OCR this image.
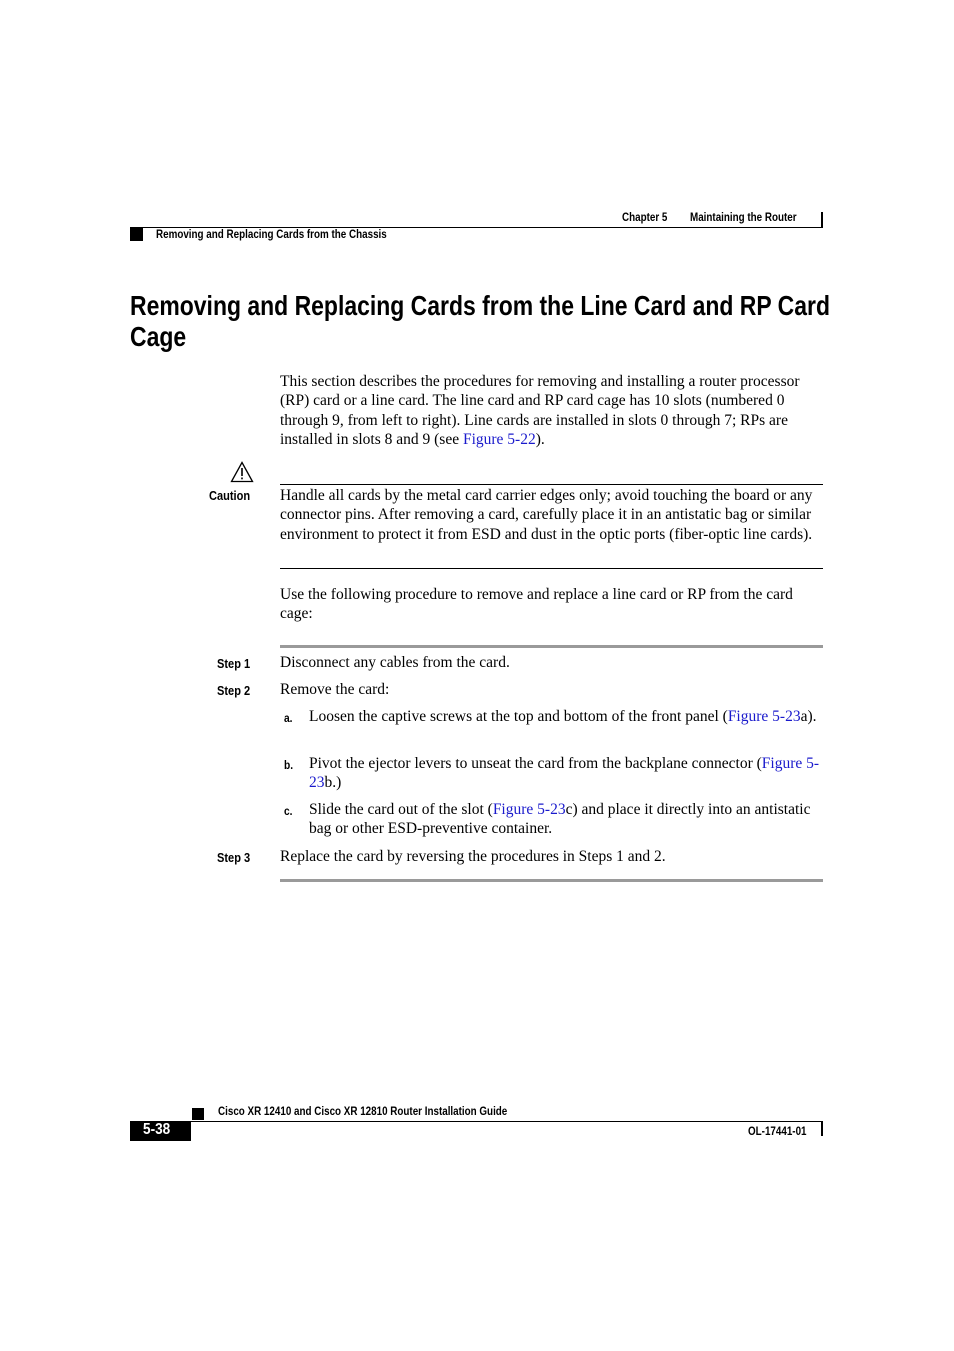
Chapter 5 Maintaining the Router
Removing and Replacing Cards from the Chassis
Removing and Replacing Cards from the Line Card and RP Card Cage

This section describes the procedures for removing and installing a router processor (RP) card or a line card. The line card and RP card cage has 10 slots (numbered 0 through 9, from left to right). Line cards are installed in slots 0 through 7; RPs are installed in slots 8 and 9 (see Figure 5-22).

Caution Handle all cards by the metal card carrier edges only; avoid touching the board or any connector pins. After removing a card, carefully place it in an antistatic bag or similar environment to protect it from ESD and dust in the optic ports (fiber-optic line cards).
Use the following procedure to remove and replace a line card or RP from the card cage:
Step 1 Disconnect any cables from the card.
Step 2 Remove the card:
a. Loosen the captive screws at the top and bottom of the front panel (Figure 5-23a).
b. Pivot the ejector levers to unseat the card from the backplane connector (Figure 5-23b.)
c. Slide the card out of the slot (Figure 5-23c) and place it directly into an antistatic bag or other ESD-preventive container.
Step 3 Replace the card by reversing the procedures in Steps 1 and 2.
Cisco XR 12410 and Cisco XR 12810 Router Installation Guide
5-38	OL-17441-01
